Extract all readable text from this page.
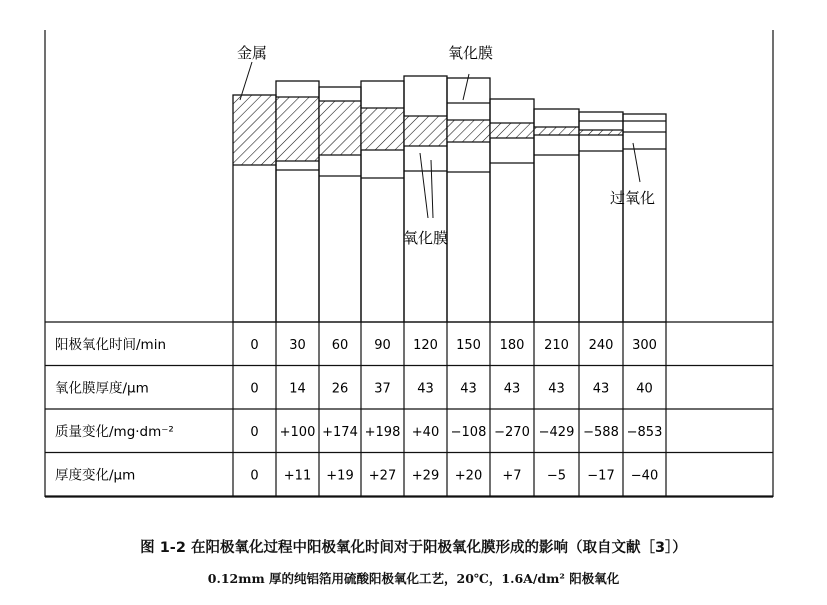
金属	氧化膜
氧化膜
过氧化
阳极氧化时间/min	0 30 60 90 120 150 180 210 240 300
氧化膜厚度/μm	0 14 26 37 43 43 43 43 43 40
质量变化/mg·dm⁻²	0 +100 +174 +198 +40 −108 −270 −429 −588 −853
厚度变化/μm	0 +11 +19 +27 +29 +20 +7 −5 −17 −40
图 1-2 在阳极氧化过程中阳极氧化时间对于阳极氧化膜形成的影响（取自文献［3］）
0.12mm 厚的纯铝箔用硫酸阳极氧化工艺，20℃，1.6A/dm² 阳极氧化
